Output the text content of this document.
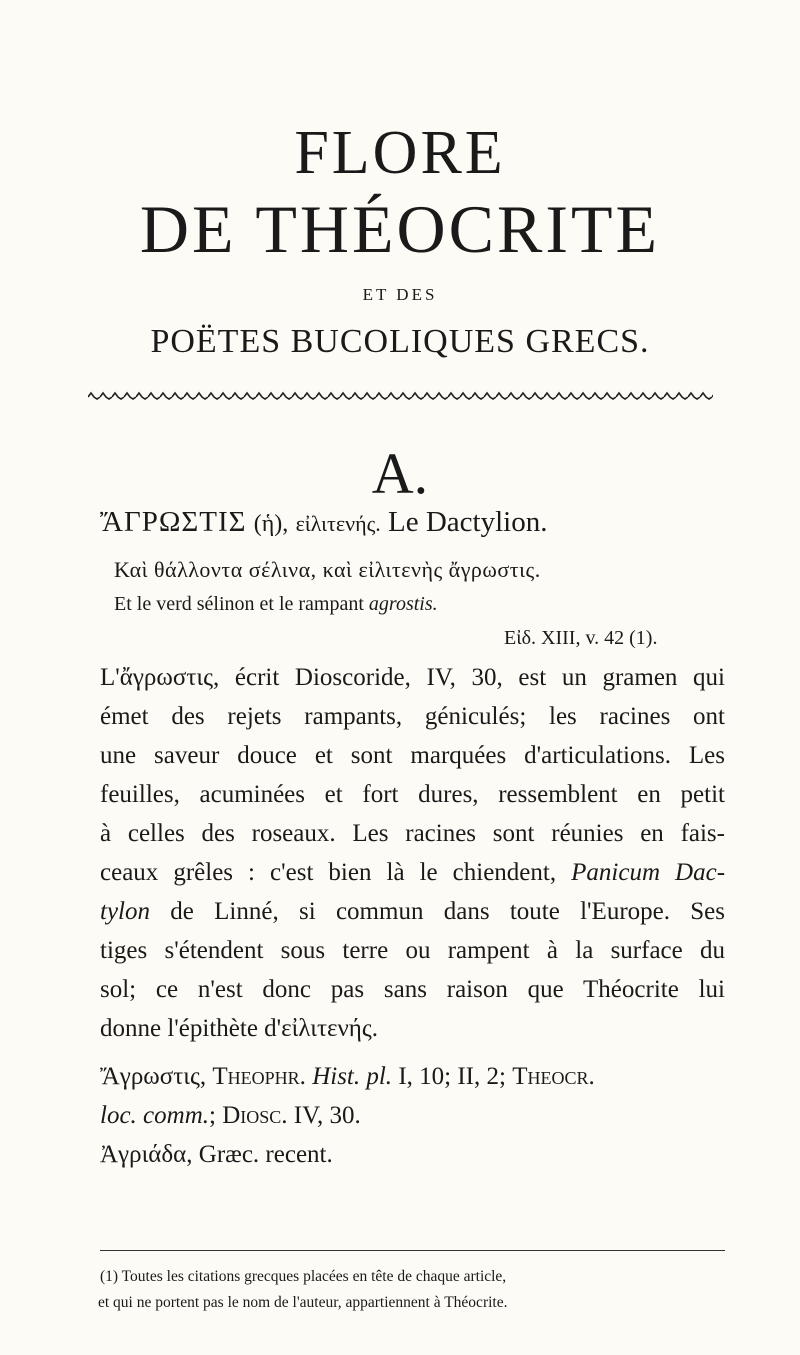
FLORE
DE THÉOCRITE
ET DES
POËTES BUCOLIQUES GRECS.
A.

ἌΓΡΩΣΤΙΣ (ἡ), εἰλιτενής. Le Dactylion.

Καὶ θάλλοντα σέλινα, καὶ εἰλιτενὴς ἄγρωστις.

Et le verd sélinon et le rampant agrostis.

Εἰδ. XIII, v. 42 (1).

L'ἄγρωστις, écrit Dioscoride, IV, 30, est un gramen qui

émet des rejets rampants, géniculés; les racines ont

une saveur douce et sont marquées d'articulations. Les

feuilles, acuminées et fort dures, ressemblent en petit

à celles des roseaux. Les racines sont réunies en fais-

ceaux grêles : c'est bien là le chiendent, Panicum Dac-

tylon de Linné, si commun dans toute l'Europe. Ses

tiges s'étendent sous terre ou rampent à la surface du

sol; ce n'est donc pas sans raison que Théocrite lui

donne l'épithète d'εἰλιτενής.

Ἄγρωστις, Theophr. Hist. pl. I, 10; II, 2; Theocr.

loc. comm.; Diosc. IV, 30.

Ἀγριάδα, Græc. recent.

(1) Toutes les citations grecques placées en tête de chaque article,

et qui ne portent pas le nom de l'auteur, appartiennent à Théocrite.
